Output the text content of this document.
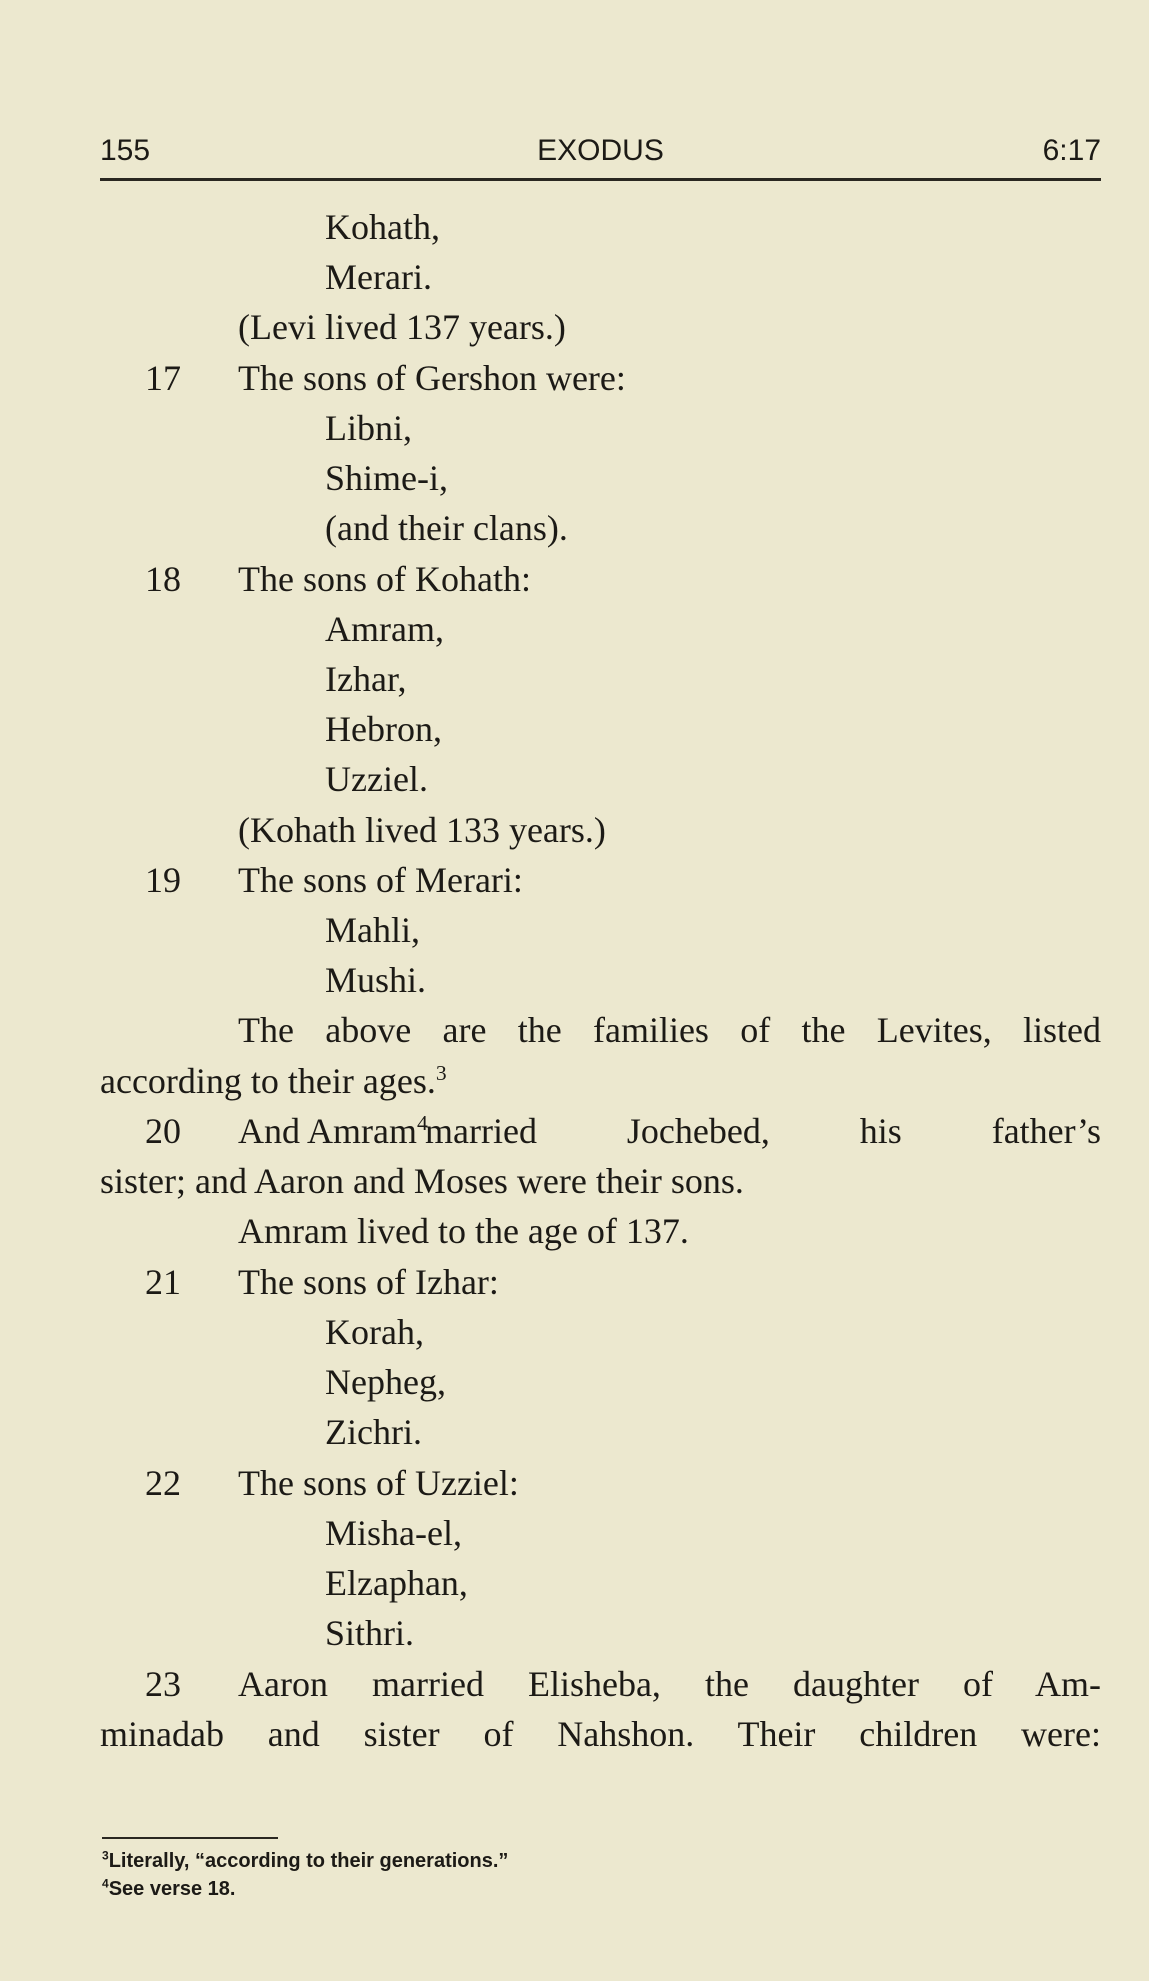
EXODUS
155	6:17
Kohath,
Merari.
(Levi lived 137 years.)
17 The sons of Gershon were:
Libni,
Shime-i,
(and their clans).
18 The sons of Kohath:
Amram,
Izhar,
Hebron,
Uzziel.
(Kohath lived 133 years.)
19 The sons of Merari:
Mahli,
Mushi.
The above are the families of the Levites, listed
according to their ages.$^3$
20 And Amram$^4$
married Jochebed, his father’s
sister; and Aaron and Moses were their sons.
Amram lived to the age of 137.
21 The sons of Izhar:
Korah,
Nepheg,
Zichri.
22 The sons of Uzziel:
Misha-el,
Elzaphan,
Sithri.
23 Aaron married Elisheba, the daughter of Am-
minadab and sister of Nahshon. Their children were:
$^3$Literally, “according to their generations.”
$^4$See verse 18.
